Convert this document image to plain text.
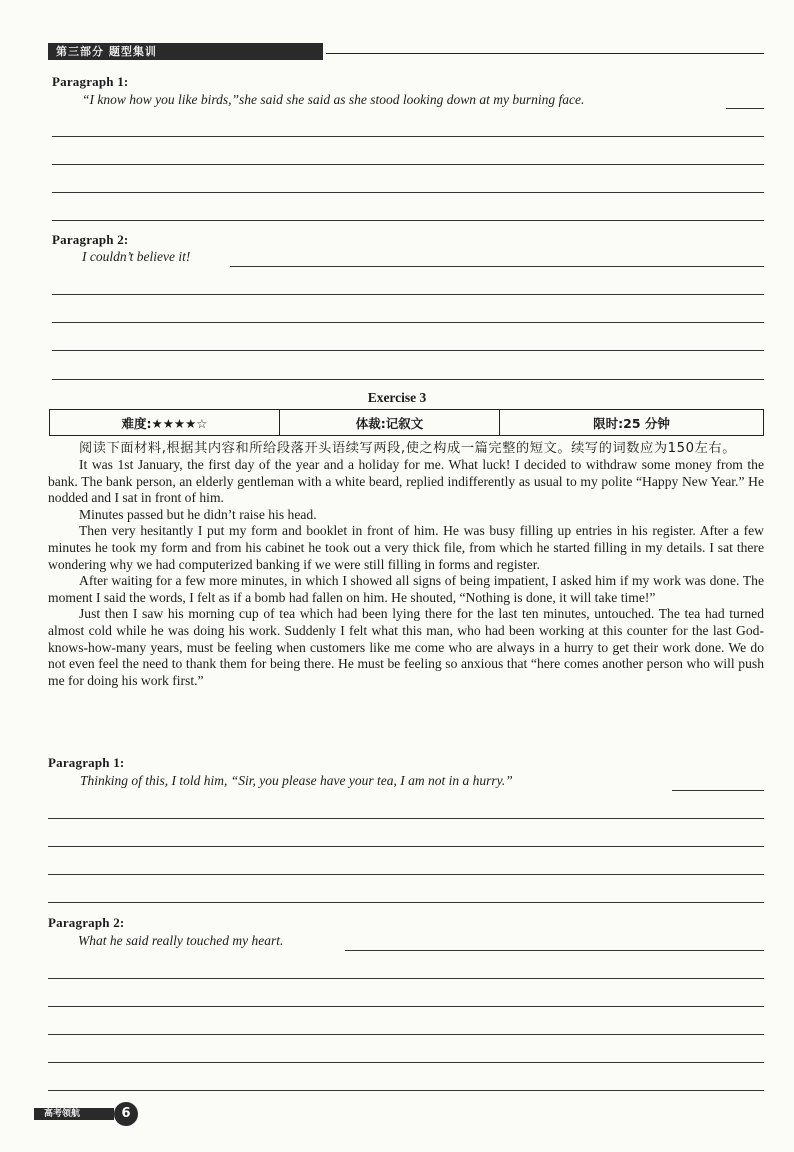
第三部分 题型集训
Paragraph 1:
“I know how you like birds,”she said she said as she stood looking down at my burning face.
Paragraph 2:
I couldn’t believe it!
Exercise 3
难度:★★★★☆	体裁:记叙文	限时:25 分钟

阅读下面材料,根据其内容和所给段落开头语续写两段,使之构成一篇完整的短文。续写的词数应为150左右。

It was 1st January, the first day of the year and a holiday for me. What luck! I decided to withdraw some money from the bank. The bank person, an elderly gentleman with a white beard, replied indifferently as usual to my polite “Happy New Year.” He nodded and I sat in front of him.

Minutes passed but he didn’t raise his head.

Then very hesitantly I put my form and booklet in front of him. He was busy filling up entries in his register. After a few minutes he took my form and from his cabinet he took out a very thick file, from which he started filling in my details. I sat there wondering why we had computerized banking if we were still filling in forms and register.

After waiting for a few more minutes, in which I showed all signs of being impatient, I asked him if my work was done. The moment I said the words, I felt as if a bomb had fallen on him. He shouted, “Nothing is done, it will take time!”

Just then I saw his morning cup of tea which had been lying there for the last ten minutes, untouched. The tea had turned almost cold while he was doing his work. Suddenly I felt what this man, who had been working at this counter for the last God-knows-how-many years, must be feeling when customers like me come who are always in a hurry to get their work done. We do not even feel the need to thank them for being there. He must be feeling so anxious that “here comes another person who will push me for doing his work first.”

Paragraph 1:
Thinking of this, I told him, “Sir, you please have your tea, I am not in a hurry.”
Paragraph 2:
What he said really touched my heart.
高考领航	6
